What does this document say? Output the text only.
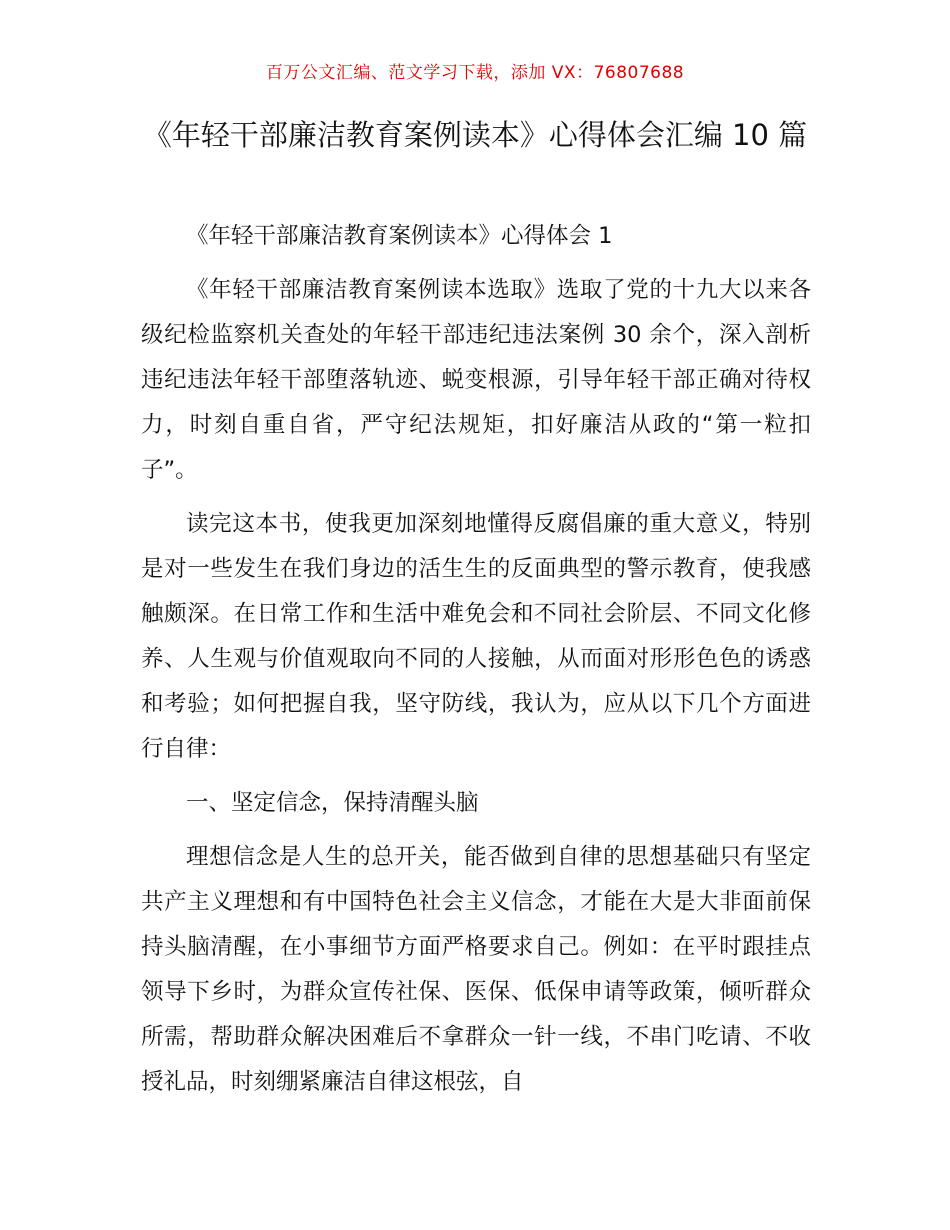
百万公文汇编、范文学习下载，添加 VX：76807688
《年轻干部廉洁教育案例读本》心得体会汇编 10 篇

《年轻干部廉洁教育案例读本》心得体会 1

《年轻干部廉洁教育案例读本选取》选取了党的十九大以来各级纪检监察机关查处的年轻干部违纪违法案例 30 余个，深入剖析违纪违法年轻干部堕落轨迹、蜕变根源，引导年轻干部正确对待权力，时刻自重自省，严守纪法规矩，扣好廉洁从政的“第一粒扣子”。

读完这本书，使我更加深刻地懂得反腐倡廉的重大意义，特别是对一些发生在我们身边的活生生的反面典型的警示教育，使我感触颇深。在日常工作和生活中难免会和不同社会阶层、不同文化修养、人生观与价值观取向不同的人接触，从而面对形形色色的诱惑和考验；如何把握自我，坚守防线，我认为，应从以下几个方面进行自律：

一、坚定信念，保持清醒头脑

理想信念是人生的总开关，能否做到自律的思想基础只有坚定共产主义理想和有中国特色社会主义信念，才能在大是大非面前保持头脑清醒，在小事细节方面严格要求自己。例如：在平时跟挂点领导下乡时，为群众宣传社保、医保、低保申请等政策，倾听群众所需，帮助群众解决困难后不拿群众一针一线，不串门吃请、不收授礼品，时刻绷紧廉洁自律这根弦，自
